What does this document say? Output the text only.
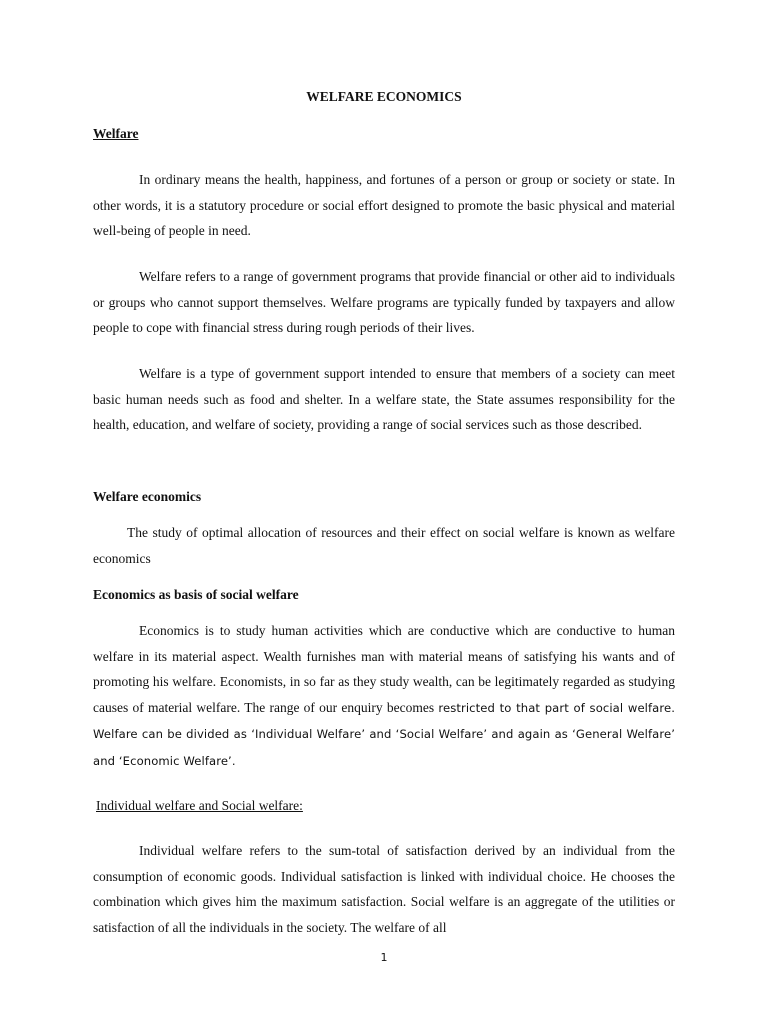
WELFARE ECONOMICS
Welfare
In ordinary means the health, happiness, and fortunes of a person or group or society or state. In other words, it is a statutory procedure or social effort designed to promote the basic physical and material well-being of people in need.
Welfare refers to a range of government programs that provide financial or other aid to individuals or groups who cannot support themselves. Welfare programs are typically funded by taxpayers and allow people to cope with financial stress during rough periods of their lives.
Welfare is a type of government support intended to ensure that members of a society can meet basic human needs such as food and shelter. In a welfare state, the State assumes responsibility for the health, education, and welfare of society, providing a range of social services such as those described.
Welfare economics
The study of optimal allocation of resources and their effect on social welfare is known as welfare economics
Economics as basis of social welfare
Economics is to study human activities which are conductive which are conductive to human welfare in its material aspect. Wealth furnishes man with material means of satisfying his wants and of promoting his welfare. Economists, in so far as they study wealth, can be legitimately regarded as studying causes of material welfare. The range of our enquiry becomes restricted to that part of social welfare. Welfare can be divided as ‘Individual Welfare’ and ‘Social Welfare’ and again as ‘General Welfare’ and ‘Economic Welfare’.
Individual welfare and Social welfare:
Individual welfare refers to the sum-total of satisfaction derived by an individual from the consumption of economic goods. Individual satisfaction is linked with individual choice. He chooses the combination which gives him the maximum satisfaction. Social welfare is an aggregate of the utilities or satisfaction of all the individuals in the society. The welfare of all
1
